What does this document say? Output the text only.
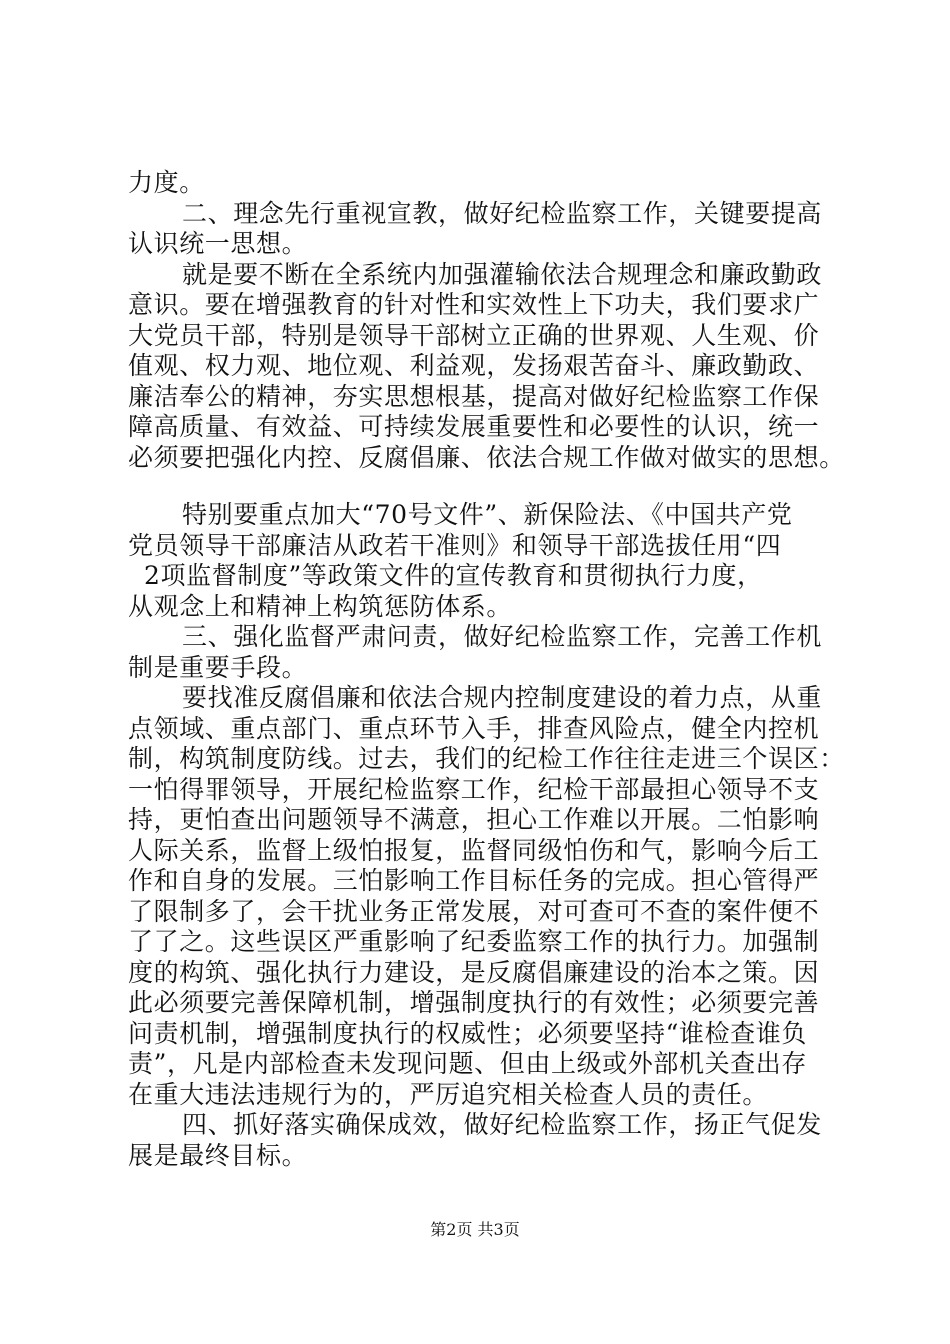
力度。
二、理念先行重视宣教，做好纪检监察工作，关键要提高
认识统一思想。
就是要不断在全系统内加强灌输依法合规理念和廉政勤政
意识。要在增强教育的针对性和实效性上下功夫，我们要求广
大党员干部，特别是领导干部树立正确的世界观、人生观、价
值观、权力观、地位观、利益观，发扬艰苦奋斗、廉政勤政、
廉洁奉公的精神，夯实思想根基，提高对做好纪检监察工作保
障高质量、有效益、可持续发展重要性和必要性的认识，统一
必须要把强化内控、反腐倡廉、依法合规工作做对做实的思想。
特别要重点加大“70号文件”、新保险法、《中国共产党
党员领导干部廉洁从政若干准则》和领导干部选拔任用“四
2项监督制度”等政策文件的宣传教育和贯彻执行力度，
从观念上和精神上构筑惩防体系。
三、强化监督严肃问责，做好纪检监察工作，完善工作机
制是重要手段。
要找准反腐倡廉和依法合规内控制度建设的着力点，从重
点领域、重点部门、重点环节入手，排查风险点，健全内控机
制，构筑制度防线。过去，我们的纪检工作往往走进三个误区：
一怕得罪领导，开展纪检监察工作，纪检干部最担心领导不支
持，更怕查出问题领导不满意，担心工作难以开展。二怕影响
人际关系，监督上级怕报复，监督同级怕伤和气，影响今后工
作和自身的发展。三怕影响工作目标任务的完成。担心管得严
了限制多了，会干扰业务正常发展，对可查可不查的案件便不
了了之。这些误区严重影响了纪委监察工作的执行力。加强制
度的构筑、强化执行力建设，是反腐倡廉建设的治本之策。因
此必须要完善保障机制，增强制度执行的有效性；必须要完善
问责机制，增强制度执行的权威性；必须要坚持“谁检查谁负
责”，凡是内部检查未发现问题、但由上级或外部机关查出存
在重大违法违规行为的，严厉追究相关检查人员的责任。
四、抓好落实确保成效，做好纪检监察工作，扬正气促发
展是最终目标。
第2页 共3页
